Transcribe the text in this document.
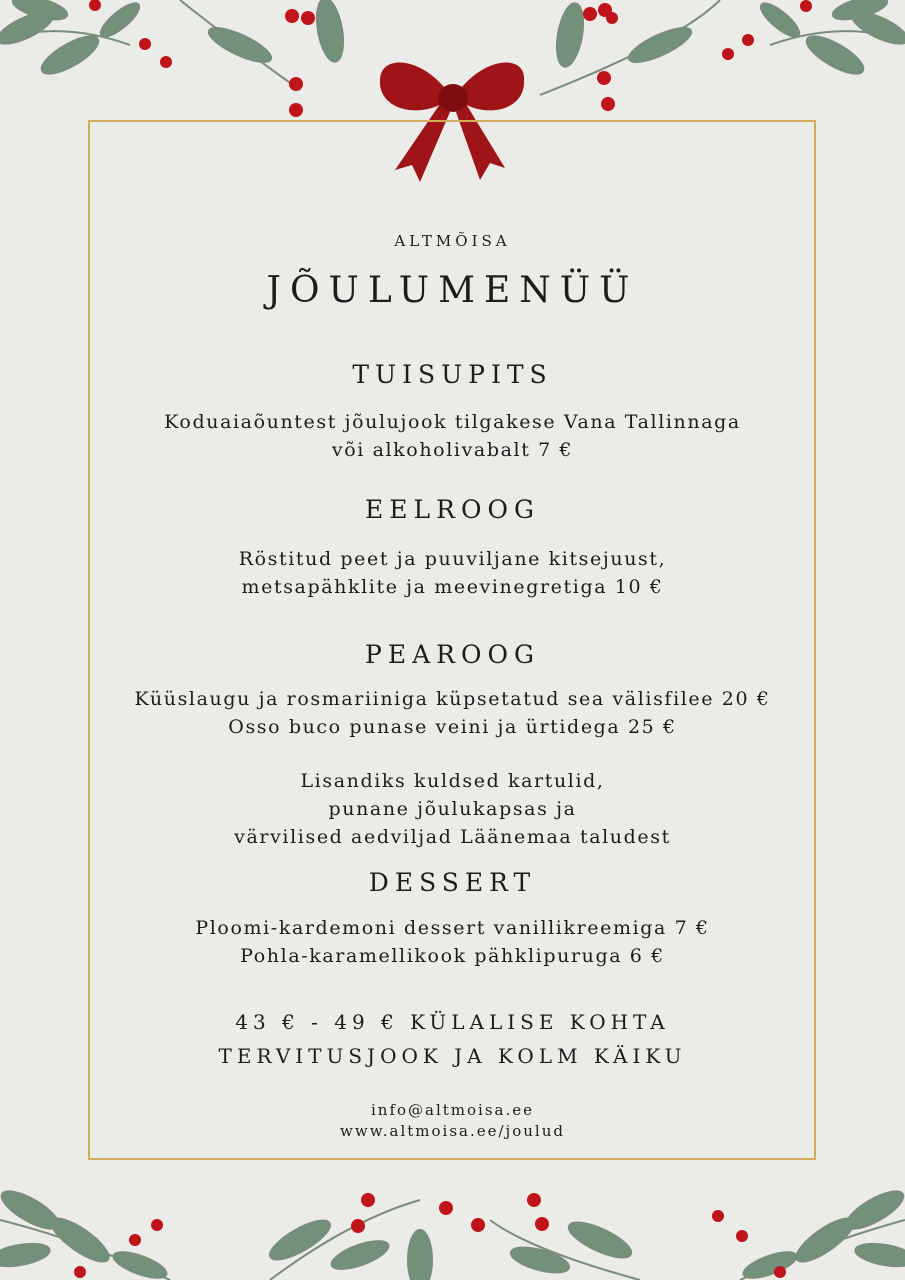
ALTMÕISA
JÕULUMENÜÜ
TUISUPITS
Koduaiaõuntest jõulujook tilgakese Vana Tallinnaga
või alkoholivabalt 7 €
EELROOG
Röstitud peet ja puuviljane kitsejuust,
metsapähklite ja meevinegretiga 10 €
PEAROOG
Küüslaugu ja rosmariiniga küpsetatud sea välisfilee 20 €
Osso buco punase veini ja ürtidega 25 €
Lisandiks kuldsed kartulid,
punane jõulukapsas ja
värvilised aedviljad Läänemaa taludest
DESSERT
Ploomi-kardemoni dessert vanillikreemiga 7 €
Pohla-karamellikook pähklipuruga 6 €
43 € - 49 € KÜLALISE KOHTA
TERVITUSJOOK JA KOLM KÄIKU
info@altmoisa.ee
www.altmoisa.ee/joulud
